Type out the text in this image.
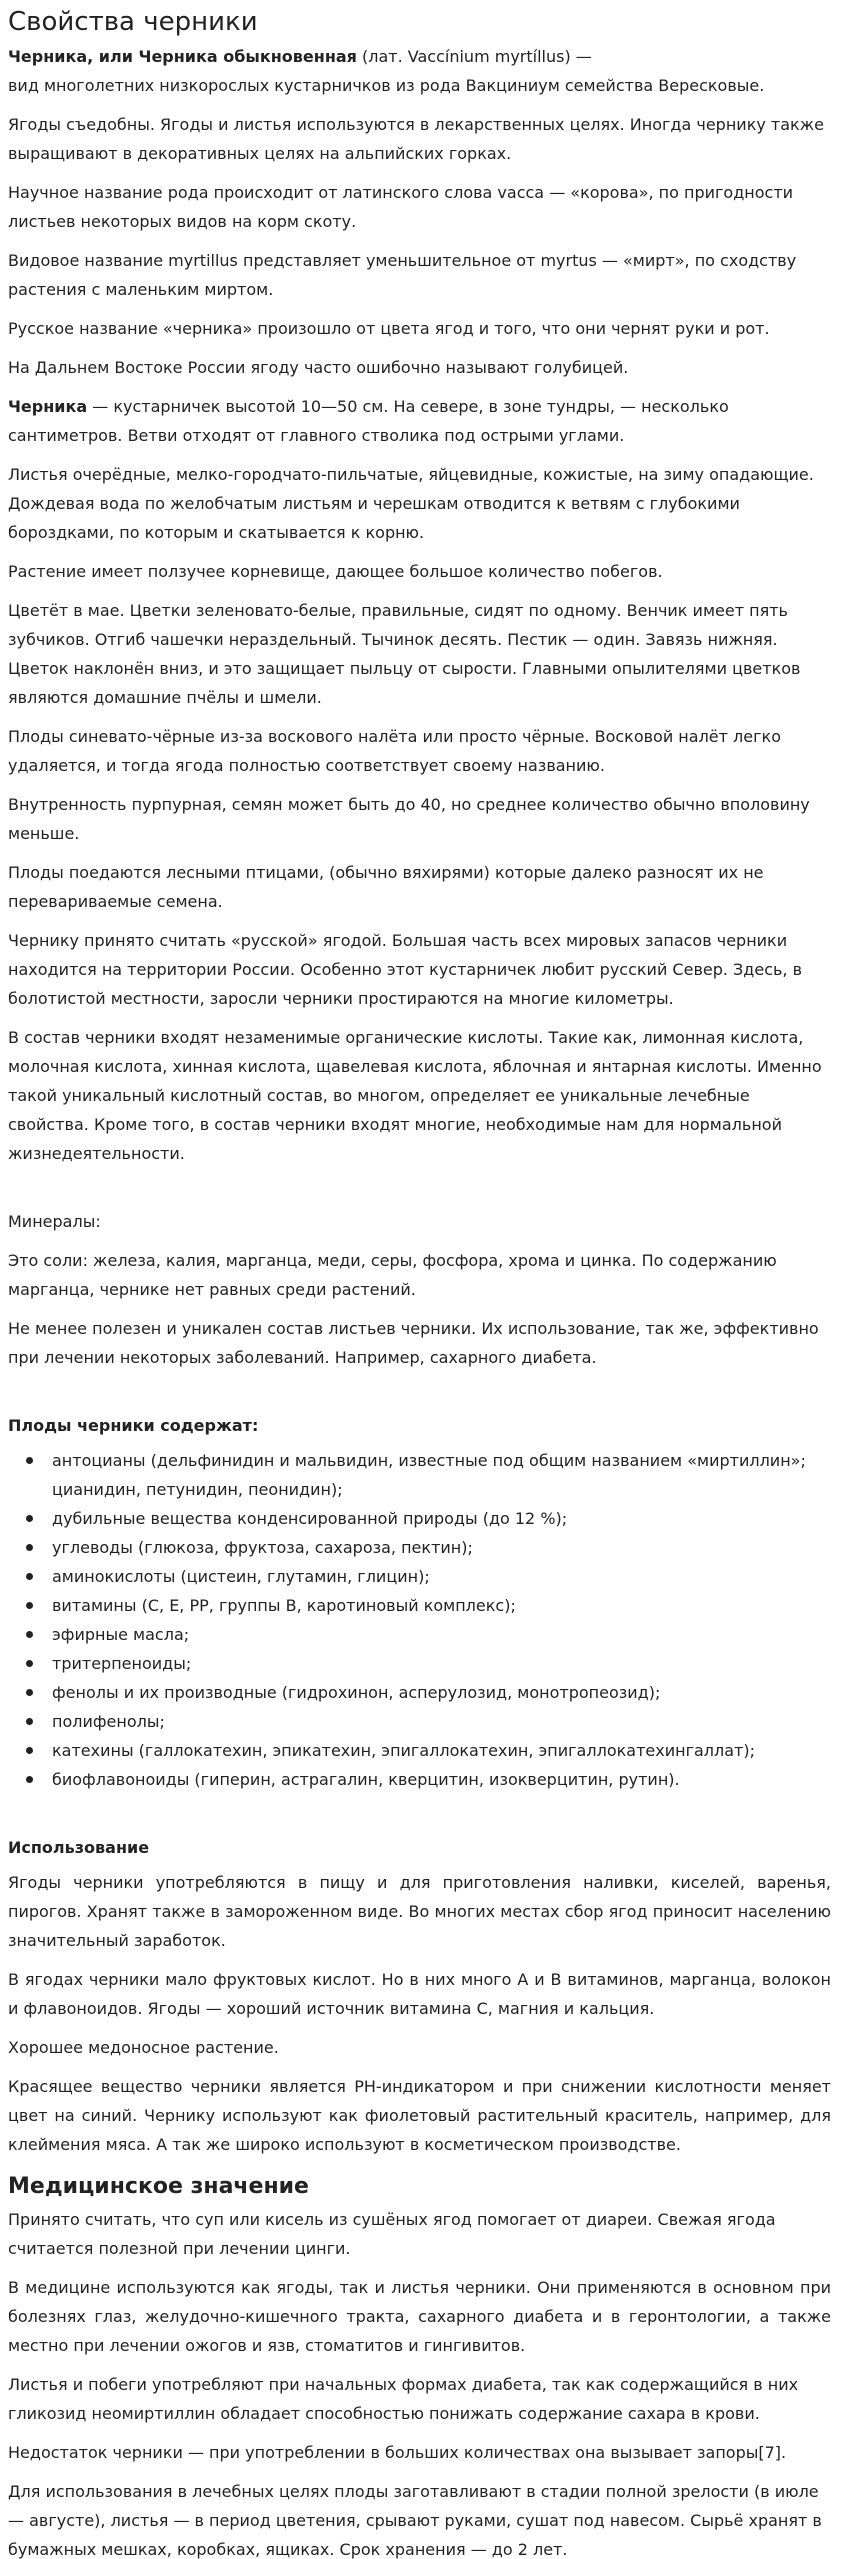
Свойства черники

Черника, или Черника обыкновенная (лат. Vaccínium myrtíllus) —
вид многолетних низкорослых кустарничков из рода Вакциниум семейства Вересковые.

Ягоды съедобны. Ягоды и листья используются в лекарственных целях. Иногда чернику также выращивают в декоративных целях на альпийских горках.

Научное название рода происходит от латинского слова vacca — «корова», по пригодности листьев некоторых видов на корм скоту.

Видовое название myrtillus представляет уменьшительное от myrtus — «мирт», по сходству растения с маленьким миртом.

Русское название «черника» произошло от цвета ягод и того, что они чернят руки и рот.

На Дальнем Востоке России ягоду часто ошибочно называют голубицей.

Черника — кустарничек высотой 10—50 см. На севере, в зоне тундры, — несколько сантиметров. Ветви отходят от главного стволика под острыми углами.

Листья очерёдные, мелко-городчато-пильчатые, яйцевидные, кожистые, на зиму опадающие. Дождевая вода по желобчатым листьям и черешкам отводится к ветвям с глубокими бороздками, по которым и скатывается к корню.

Растение имеет ползучее корневище, дающее большое количество побегов.

Цветёт в мае. Цветки зеленовато-белые, правильные, сидят по одному. Венчик имеет пять зубчиков. Отгиб чашечки нераздельный. Тычинок десять. Пестик — один. Завязь нижняя. Цветок наклонён вниз, и это защищает пыльцу от сырости. Главными опылителями цветков являются домашние пчёлы и шмели.

Плоды синевато-чёрные из-за воскового налёта или просто чёрные. Восковой налёт легко удаляется, и тогда ягода полностью соответствует своему названию.

Внутренность пурпурная, семян может быть до 40, но среднее количество обычно вполовину меньше.

Плоды поедаются лесными птицами, (обычно вяхирями) которые далеко разносят их не перевариваемые семена.

Чернику принято считать «русской» ягодой. Большая часть всех мировых запасов черники находится на территории России. Особенно этот кустарничек любит русский Север. Здесь, в болотистой местности, заросли черники простираются на многие километры.

В состав черники входят незаменимые органические кислоты. Такие как, лимонная кислота, молочная кислота, хинная кислота, щавелевая кислота, яблочная и янтарная кислоты. Именно такой уникальный кислотный состав, во многом, определяет ее уникальные лечебные свойства. Кроме того, в состав черники входят многие, необходимые нам для нормальной жизнедеятельности.

Минералы:

Это соли: железа, калия, марганца, меди, серы, фосфора, хрома и цинка. По содержанию марганца, чернике нет равных среди растений.

Не менее полезен и уникален состав листьев черники. Их использование, так же, эффективно при лечении некоторых заболеваний. Например, сахарного диабета.

Плоды черники содержат:

антоцианы (дельфинидин и мальвидин, известные под общим названием «миртиллин»; цианидин, петунидин, пеонидин);
дубильные вещества конденсированной природы (до 12 %);
углеводы (глюкоза, фруктоза, сахароза, пектин);
аминокислоты (цистеин, глутамин, глицин);
витамины (С, Е, РР, группы В, каротиновый комплекс);
эфирные масла;
тритерпеноиды;
фенолы и их производные (гидрохинон, асперулозид, монотропеозид);
полифенолы;
катехины (галлокатехин, эпикатехин, эпигаллокатехин, эпигаллокатехингаллат);
биофлавоноиды (гиперин, астрагалин, кверцитин, изокверцитин, рутин).

Использование

Ягоды черники употребляются в пищу и для приготовления наливки, киселей, варенья, пирогов. Хранят также в замороженном виде. Во многих местах сбор ягод приносит населению значительный заработок.

В ягодах черники мало фруктовых кислот. Но в них много А и В витаминов, марганца, волокон и флавоноидов. Ягоды — хороший источник витамина С, магния и кальция.

Хорошее медоносное растение.

Красящее вещество черники является PH-индикатором и при снижении кислотности меняет цвет на синий. Чернику используют как фиолетовый растительный краситель, например, для клеймения мяса. А так же широко используют в косметическом производстве.

Медицинское значение

Принято считать, что суп или кисель из сушёных ягод помогает от диареи. Свежая ягода считается полезной при лечении цинги.

В медицине используются как ягоды, так и листья черники. Они применяются в основном при болезнях глаз, желудочно-кишечного тракта, сахарного диабета и в геронтологии, а также местно при лечении ожогов и язв, стоматитов и гингивитов.

Листья и побеги употребляют при начальных формах диабета, так как содержащийся в них гликозид неомиртиллин обладает способностью понижать содержание сахара в крови.

Недостаток черники — при употреблении в больших количествах она вызывает запоры[7].

Для использования в лечебных целях плоды заготавливают в стадии полной зрелости (в июле — августе), листья — в период цветения, срывают руками, сушат под навесом. Сырьё хранят в бумажных мешках, коробках, ящиках. Срок хранения — до 2 лет.
